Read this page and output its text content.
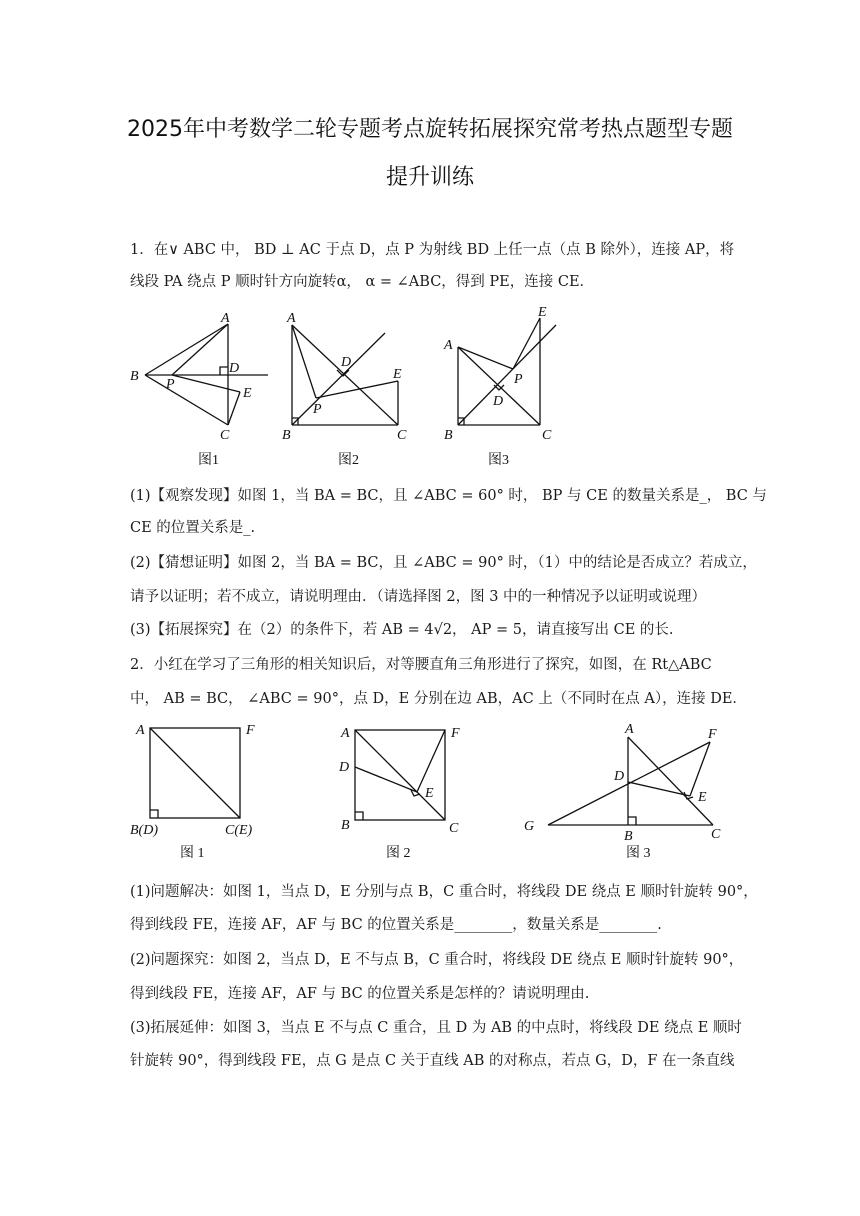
2025年中考数学二轮专题考点旋转拓展探究常考热点题型专题
提升训练
1．在∨ ABC 中， BD ⊥ AC 于点 D，点 P 为射线 BD 上任一点（点 B 除外），连接 AP，将
线段 PA 绕点 P 顺时针方向旋转α， α = ∠ABC，得到 PE，连接 CE．
A
B
C
D
E
P
图1
A
B	C
D
E
P
图2
A
B	C
D
E
P
图3
(1)【观察发现】如图 1，当 BA = BC，且 ∠ABC = 60° 时， BP 与 CE 的数量关系是_， BC 与
CE 的位置关系是_.
(2)【猜想证明】如图 2，当 BA = BC，且 ∠ABC = 90° 时，（1）中的结论是否成立？若成立，
请予以证明；若不成立，请说明理由．（请选择图 2，图 3 中的一种情况予以证明或说理）
(3)【拓展探究】在（2）的条件下，若 AB = 4√2， AP = 5，请直接写出 CE 的长.
2．小红在学习了三角形的相关知识后，对等腰直角三角形进行了探究，如图，在 Rt△ABC
中， AB = BC， ∠ABC = 90°，点 D，E 分别在边 AB，AC 上（不同时在点 A），连接 DE．
A	F
B(D)	C(E)
图 1
A	F
D
E
B	C
图 2
A	F
D
E
G
B	C
图 3
(1)问题解决：如图 1，当点 D，E 分别与点 B，C 重合时，将线段 DE 绕点 E 顺时针旋转 90°，
得到线段 FE，连接 AF，AF 与 BC 的位置关系是________，数量关系是________.
(2)问题探究：如图 2，当点 D，E 不与点 B，C 重合时，将线段 DE 绕点 E 顺时针旋转 90°，
得到线段 FE，连接 AF，AF 与 BC 的位置关系是怎样的？请说明理由.
(3)拓展延伸：如图 3，当点 E 不与点 C 重合，且 D 为 AB 的中点时，将线段 DE 绕点 E 顺时
针旋转 90°，得到线段 FE，点 G 是点 C 关于直线 AB 的对称点，若点 G，D，F 在一条直线
